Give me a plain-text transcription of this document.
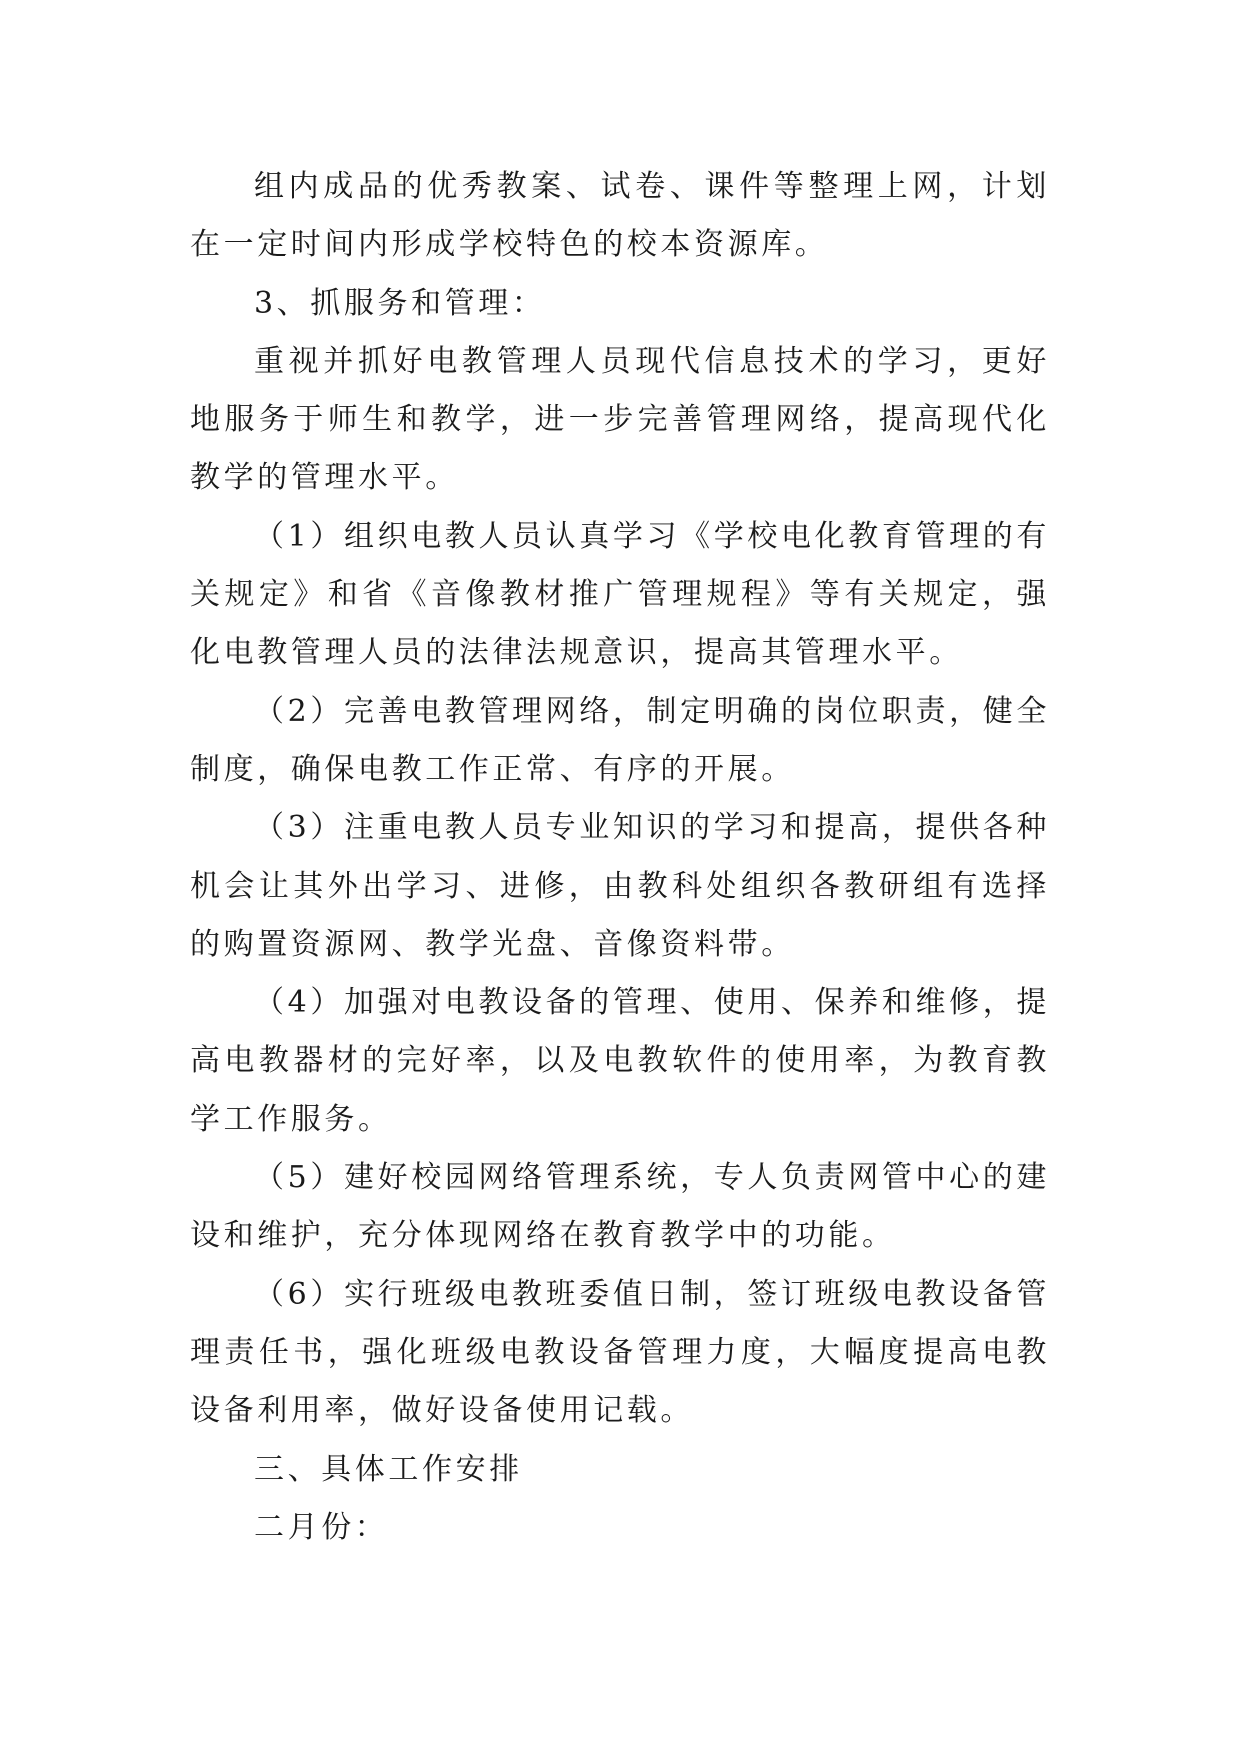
组内成品的优秀教案、试卷、课件等整理上网，计划在一定时间内形成学校特色的校本资源库。

3、抓服务和管理：

重视并抓好电教管理人员现代信息技术的学习，更好地服务于师生和教学，进一步完善管理网络，提高现代化教学的管理水平。

（1）组织电教人员认真学习《学校电化教育管理的有关规定》和省《音像教材推广管理规程》等有关规定，强化电教管理人员的法律法规意识，提高其管理水平。

（2）完善电教管理网络，制定明确的岗位职责，健全制度，确保电教工作正常、有序的开展。

（3）注重电教人员专业知识的学习和提高，提供各种机会让其外出学习、进修，由教科处组织各教研组有选择的购置资源网、教学光盘、音像资料带。

（4）加强对电教设备的管理、使用、保养和维修，提高电教器材的完好率，以及电教软件的使用率，为教育教学工作服务。

（5）建好校园网络管理系统，专人负责网管中心的建设和维护，充分体现网络在教育教学中的功能。

（6）实行班级电教班委值日制，签订班级电教设备管理责任书，强化班级电教设备管理力度，大幅度提高电教设备利用率，做好设备使用记载。

三、具体工作安排

二月份：
